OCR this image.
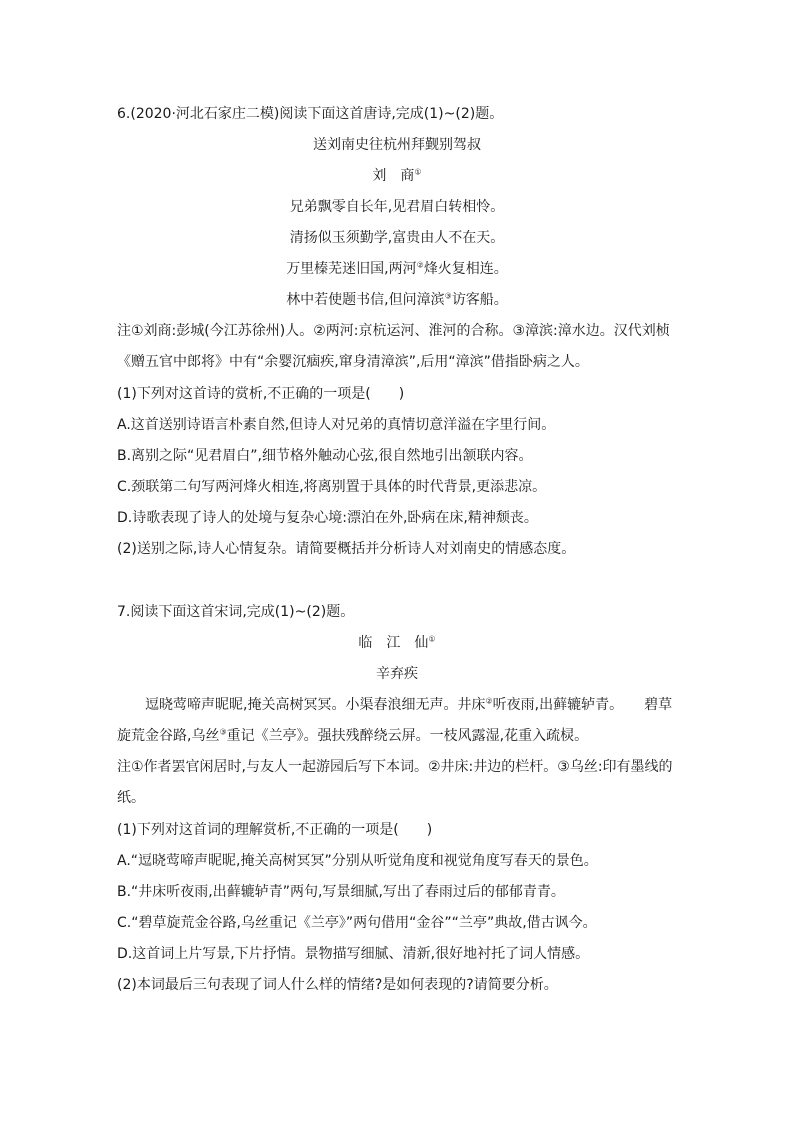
6.(2020·河北石家庄二模)阅读下面这首唐诗,完成(1)~(2)题。
送刘南史往杭州拜觐别驾叔
刘　商①
兄弟飘零自长年,见君眉白转相怜。
清扬似玉须勤学,富贵由人不在天。
万里榛芜迷旧国,两河②烽火复相连。
林中若使题书信,但问漳滨③访客船。
注①刘商:彭城(今江苏徐州)人。②两河:京杭运河、淮河的合称。③漳滨:漳水边。汉代刘桢
《赠五官中郎将》中有“余婴沉痼疾,窜身清漳滨”,后用“漳滨”借指卧病之人。
(1)下列对这首诗的赏析,不正确的一项是(　　)
A.这首送别诗语言朴素自然,但诗人对兄弟的真情切意洋溢在字里行间。
B.离别之际“见君眉白”,细节格外触动心弦,很自然地引出颔联内容。
C.颈联第二句写两河烽火相连,将离别置于具体的时代背景,更添悲凉。
D.诗歌表现了诗人的处境与复杂心境:漂泊在外,卧病在床,精神颓丧。
(2)送别之际,诗人心情复杂。请简要概括并分析诗人对刘南史的情感态度。
7.阅读下面这首宋词,完成(1)~(2)题。
临　江　仙①
辛弃疾
逗晓莺啼声昵昵,掩关高树冥冥。小渠春浪细无声。井床②听夜雨,出藓辘轳青。　　碧草
旋荒金谷路,乌丝③重记《兰亭》。强扶残醉绕云屏。一枝风露湿,花重入疏棂。
注①作者罢官闲居时,与友人一起游园后写下本词。②井床:井边的栏杆。③乌丝:印有墨线的
纸。
(1)下列对这首词的理解赏析,不正确的一项是(　　)
A.“逗晓莺啼声昵昵,掩关高树冥冥”分别从听觉角度和视觉角度写春天的景色。
B.“井床听夜雨,出藓辘轳青”两句,写景细腻,写出了春雨过后的郁郁青青。
C.“碧草旋荒金谷路,乌丝重记《兰亭》”两句借用“金谷”“兰亭”典故,借古讽今。
D.这首词上片写景,下片抒情。景物描写细腻、清新,很好地衬托了词人情感。
(2)本词最后三句表现了词人什么样的情绪?是如何表现的?请简要分析。
